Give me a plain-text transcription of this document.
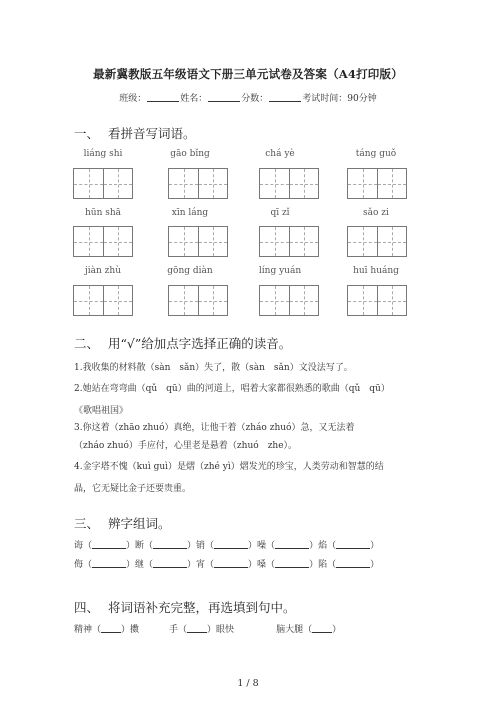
最新冀教版五年级语文下册三单元试卷及答案（A4打印版）
班级：	姓名：	分数：	考试时间：90分钟
一、 看拼音写词语。
liáng shi	gāo bǐng	chá yè	táng guǒ
hūn shā	xīn láng	qī zǐ	sǎo zi
jiàn zhù	gōng diàn	líng yuán	huī huáng
二、 用“√”给加点字选择正确的读音。
1.我收集的材料散（sàn　sǎn）失了，散（sàn　sǎn）文没法写了。
2.她站在弯弯曲（qǔ　qū）曲的河道上，唱着大家都很熟悉的歌曲（qǔ　qū）
《歌唱祖国》
3.你这着（zhāo zhuó）真绝，让他干着（zháo zhuó）急，又无法着
（zháo zhuó）手应付，心里老是悬着（zhuó　zhe）。
4.金字塔不愧（kuì guì）是熠（zhé yì）熠发光的珍宝，人类劳动和智慧的结
晶，它无疑比金子还要贵重。
三、 辨字组词。
诲（	）断（	）销（	）噪（	）焰（	）
侮（	）继（	）宵（	）嗓（	）陷（	）
四、 将词语补充完整，再选填到句中。
精神（ ）擞	手（ ）眼快	脑大腿（ ）
1 / 8
